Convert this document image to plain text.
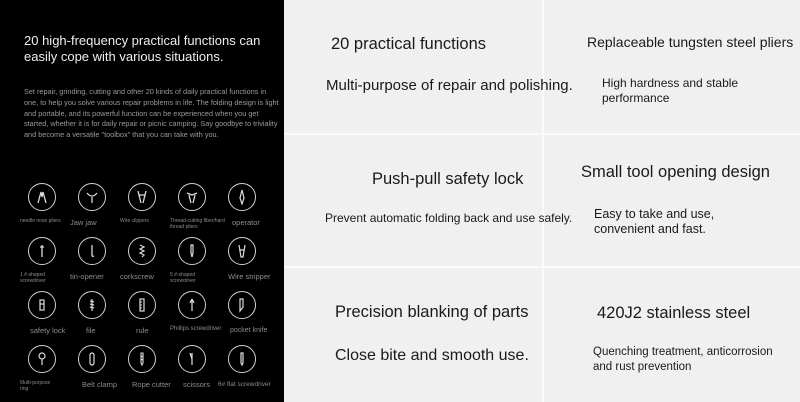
20 high-frequency practical functions can easily cope with various situations.

Set repair, grinding, cutting and other 20 kinds of daily practical functions in one, to help you solve various repair problems in life. The folding design is light and portable, and its powerful function can be experienced when you get started, whether it is for daily repair or picnic camping. Say goodbye to triviality and become a versatile "toolbox" that you can take with you.

needle nose pliers	Jaw jaw	Wire clippers	Thread-cutting fiber/hard thread pliers	operator
1 #-shaped screwdriver	tin-opener	corkscrew	5 #-shaped screwdriver	Wire stripper
safety lock	file	rule	Phillips screwdriver	pocket knife
Multi-purpose ring	Belt clamp	Rope cutter	scissors	6# flat screwdriver
20 practical functions
Multi-purpose of repair and polishing.
Replaceable tungsten steel pliers
High hardness and stable performance
Push-pull safety lock
Prevent automatic folding back and use safely.
Small tool opening design
Easy to take and use, convenient and fast.
Precision blanking of parts
Close bite and smooth use.
420J2 stainless steel
Quenching treatment, anticorrosion and rust prevention
